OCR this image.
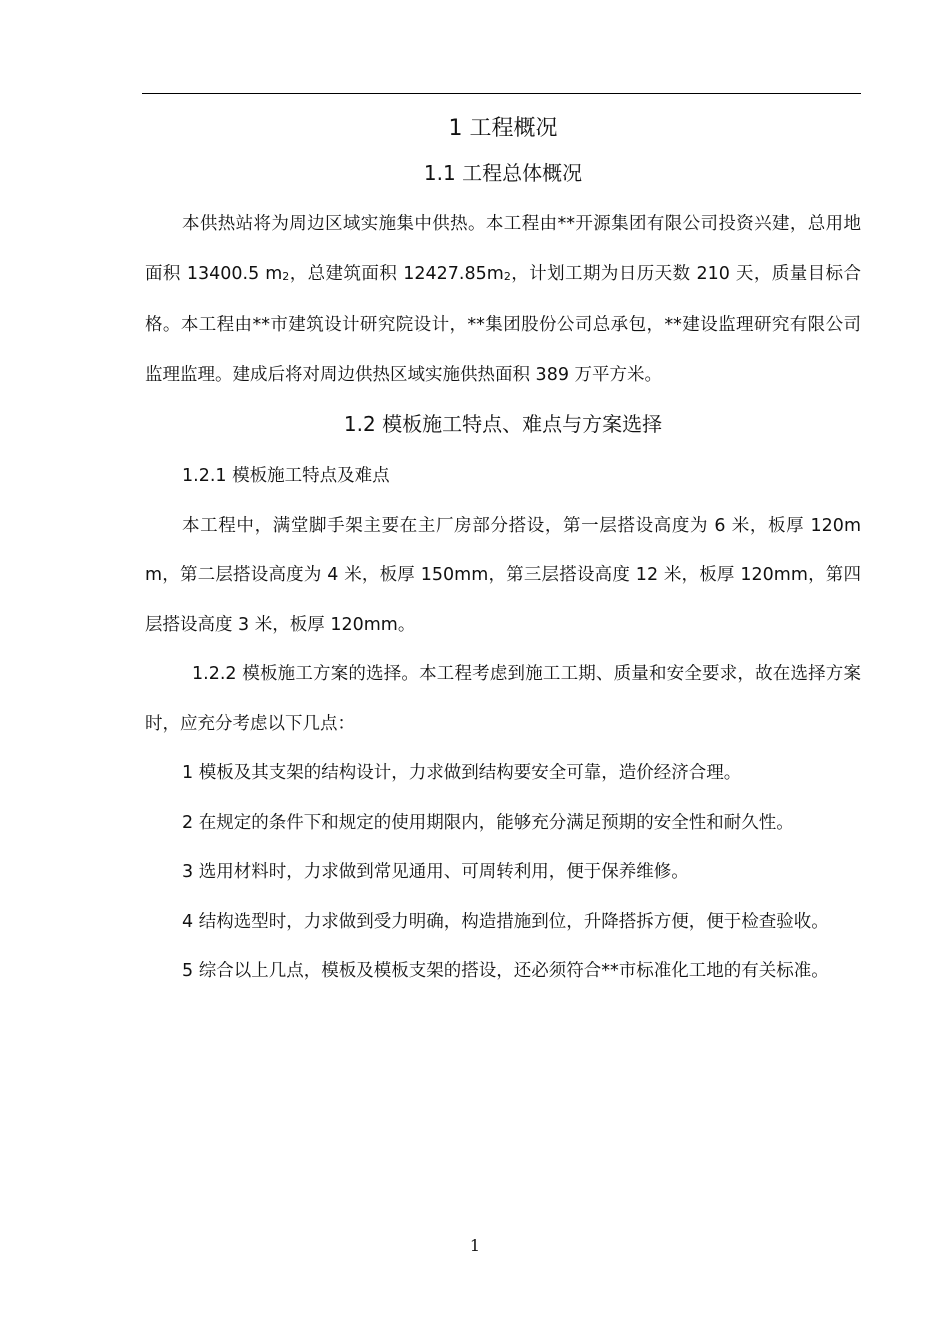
1 工程概况
1.1 工程总体概况

本供热站将为周边区域实施集中供热。本工程由**开源集团有限公司投资兴建，总用地面积 13400.5 $m_2$，总建筑面积 $12427.85m_2$，计划工期为日历天数 210 天，质量目标合格。本工程由**市建筑设计研究院设计，**集团股份公司总承包，**建设监理研究有限公司监理监理。建成后将对周边供热区域实施供热面积 389 万平方米。

1.2 模板施工特点、难点与方案选择

1.2.1 模板施工特点及难点

本工程中，满堂脚手架主要在主厂房部分搭设，第一层搭设高度为 6 米，板厚 120mm，第二层搭设高度为 4 米，板厚 150mm，第三层搭设高度 12 米，板厚 120mm，第四层搭设高度 3 米，板厚 120mm。

1.2.2 模板施工方案的选择。本工程考虑到施工工期、质量和安全要求，故在选择方案时，应充分考虑以下几点：

1 模板及其支架的结构设计，力求做到结构要安全可靠，造价经济合理。

2 在规定的条件下和规定的使用期限内，能够充分满足预期的安全性和耐久性。

3 选用材料时，力求做到常见通用、可周转利用，便于保养维修。

4 结构选型时，力求做到受力明确，构造措施到位，升降搭拆方便，便于检查验收。

5 综合以上几点，模板及模板支架的搭设，还必须符合**市标准化工地的有关标准。

1
